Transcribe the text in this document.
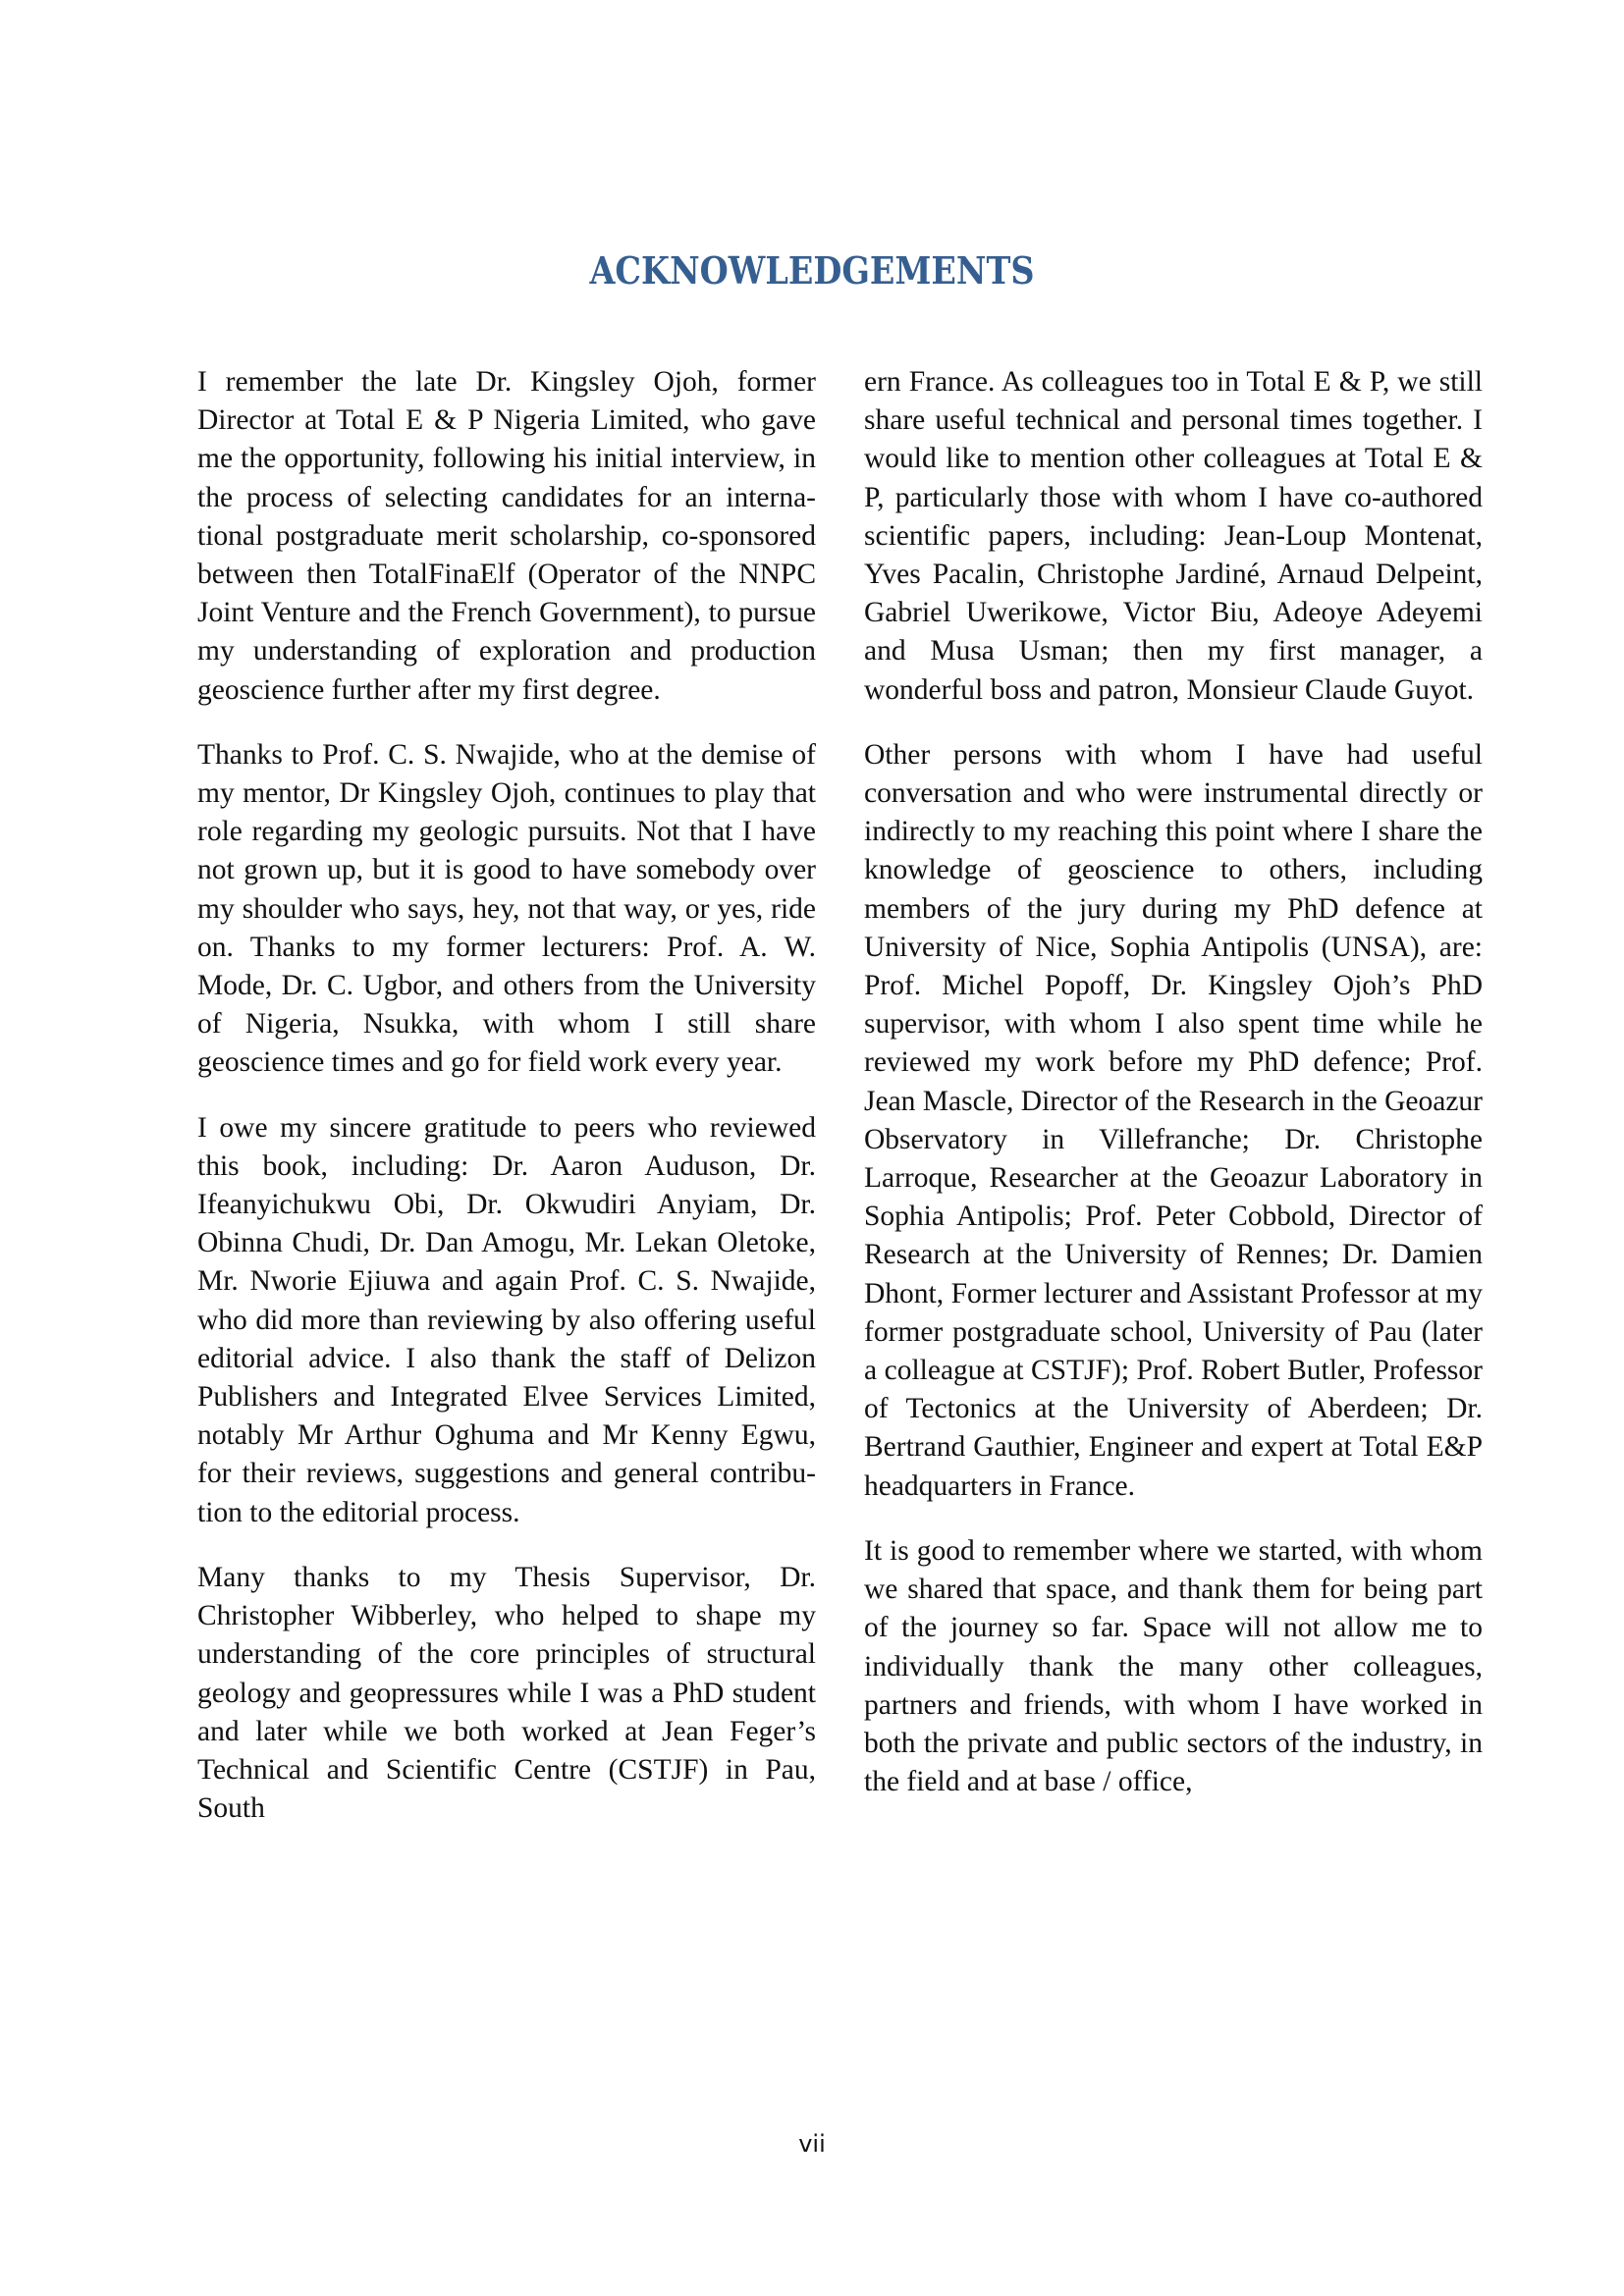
ACKNOWLEDGEMENTS

I remember the late Dr. Kingsley Ojoh, former Director at Total E & P Nigeria Limited, who gave me the opportunity, following his initial interview, in the process of selecting candidates for an international postgraduate merit scholarship, co-sponsored between then TotalFinaElf (Operator of the NNPC Joint Venture and the French Government), to pursue my understanding of exploration and production geoscience further after my first degree.

Thanks to Prof. C. S. Nwajide, who at the demise of my mentor, Dr Kingsley Ojoh, continues to play that role regarding my geologic pursuits. Not that I have not grown up, but it is good to have somebody over my shoulder who says, hey, not that way, or yes, ride on. Thanks to my former lecturers: Prof. A. W. Mode, Dr. C. Ugbor, and others from the University of Nigeria, Nsukka, with whom I still share geoscience times and go for field work every year.

I owe my sincere gratitude to peers who reviewed this book, including: Dr. Aaron Auduson, Dr. Ifeanyichukwu Obi, Dr. Okwudiri Anyiam, Dr. Obinna Chudi, Dr. Dan Amogu, Mr. Lekan Oletoke, Mr. Nworie Ejiuwa and again Prof. C. S. Nwajide, who did more than reviewing by also offering useful editorial advice. I also thank the staff of Delizon Publishers and Integrated Elvee Services Limited, notably Mr Arthur Oghuma and Mr Kenny Egwu, for their reviews, suggestions and general contribution to the editorial process.

Many thanks to my Thesis Supervisor, Dr. Christopher Wibberley, who helped to shape my understanding of the core principles of structural geology and geopressures while I was a PhD student and later while we both worked at Jean Feger’s Technical and Scientific Centre (CSTJF) in Pau, South

ern France. As colleagues too in Total E & P, we still share useful technical and personal times together. I would like to mention other colleagues at Total E & P, particularly those with whom I have co-authored scientific papers, including: Jean-Loup Montenat, Yves Pacalin, Christophe Jardiné, Arnaud Delpeint, Gabriel Uwerikowe, Victor Biu, Adeoye Adeyemi and Musa Usman; then my first manager, a wonderful boss and patron, Monsieur Claude Guyot.

Other persons with whom I have had useful conversation and who were instrumental directly or indirectly to my reaching this point where I share the knowledge of geoscience to others, including members of the jury during my PhD defence at University of Nice, Sophia Antipolis (UNSA), are: Prof. Michel Popoff, Dr. Kingsley Ojoh’s PhD supervisor, with whom I also spent time while he reviewed my work before my PhD defence; Prof. Jean Mascle, Director of the Research in the Geoazur Observatory in Villefranche; Dr. Christophe Larroque, Researcher at the Geoazur Laboratory in Sophia Antipolis; Prof. Peter Cobbold, Director of Research at the University of Rennes; Dr. Damien Dhont, Former lecturer and Assistant Professor at my former postgraduate school, University of Pau (later a colleague at CSTJF); Prof. Robert Butler, Professor of Tectonics at the University of Aberdeen; Dr. Bertrand Gauthier, Engineer and expert at Total E&P headquarters in France.

It is good to remember where we started, with whom we shared that space, and thank them for being part of the journey so far. Space will not allow me to individually thank the many other colleagues, partners and friends, with whom I have worked in both the private and public sectors of the industry, in the field and at base / office,

vii
